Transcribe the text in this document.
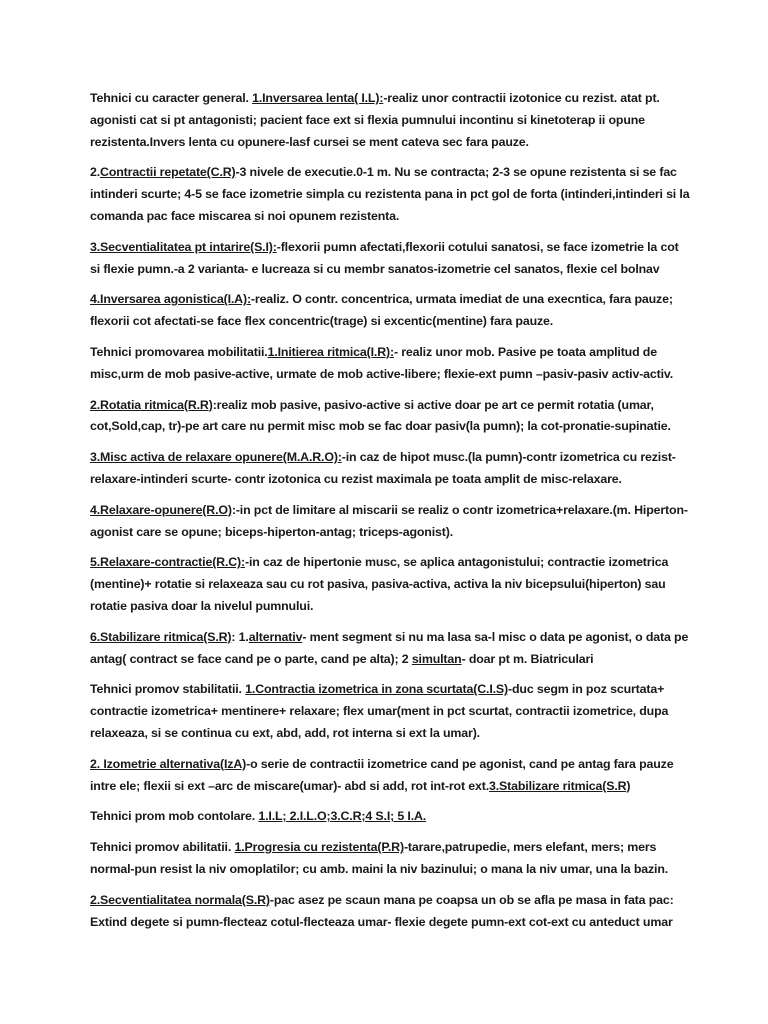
Tehnici cu caracter general. 1.Inversarea lenta( I.L):-realiz unor contractii izotonice cu rezist. atat pt. agonisti cat si pt antagonisti; pacient face ext si flexia pumnului incontinu si kinetoterap ii opune rezistenta.Invers lenta cu opunere-lasf cursei se ment cateva sec fara pauze.

2.Contractii repetate(C.R)-3 nivele de executie.0-1 m. Nu se contracta; 2-3 se opune rezistenta si se fac intinderi scurte; 4-5 se face izometrie simpla cu rezistenta pana in pct gol de forta (intinderi,intinderi si la comanda pac face miscarea si noi opunem rezistenta.

3.Secventialitatea pt intarire(S.I):-flexorii pumn afectati,flexorii cotului sanatosi, se face izometrie la cot si flexie pumn.-a 2 varianta- e lucreaza si cu membr sanatos-izometrie cel sanatos, flexie cel bolnav

4.Inversarea agonistica(I.A):-realiz. O contr. concentrica, urmata imediat de una execntica, fara pauze; flexorii cot afectati-se face flex concentric(trage) si excentic(mentine) fara pauze.

Tehnici promovarea mobilitatii.1.Initierea ritmica(I.R):- realiz unor mob. Pasive pe toata amplitud de misc,urm de mob pasive-active, urmate de mob active-libere; flexie-ext pumn –pasiv-pasiv activ-activ.

2.Rotatia ritmica(R.R):realiz mob pasive, pasivo-active si active doar pe art ce permit rotatia (umar, cot,Sold,cap, tr)-pe art care nu permit misc mob se fac doar pasiv(la pumn); la cot-pronatie-supinatie.

3.Misc activa de relaxare opunere(M.A.R.O):-in caz de hipot musc.(la pumn)-contr izometrica cu rezist-relaxare-intinderi scurte- contr izotonica cu rezist maximala pe toata amplit de misc-relaxare.

4.Relaxare-opunere(R.O):-in pct de limitare al miscarii se realiz o contr izometrica+relaxare.(m. Hiperton-agonist care se opune; biceps-hiperton-antag; triceps-agonist).

5.Relaxare-contractie(R.C):-in caz de hipertonie musc, se aplica antagonistului; contractie izometrica (mentine)+ rotatie si relaxeaza sau cu rot pasiva, pasiva-activa, activa la niv bicepsului(hiperton) sau rotatie pasiva doar la nivelul pumnului.

6.Stabilizare ritmica(S.R): 1.alternativ- ment segment si nu ma lasa sa-l misc o data pe agonist, o data pe antag( contract se face cand pe o parte, cand pe alta); 2 simultan- doar pt m. Biatriculari

Tehnici promov stabilitatii. 1.Contractia izometrica in zona scurtata(C.I.S)-duc segm in poz scurtata+ contractie izometrica+ mentinere+ relaxare; flex umar(ment in pct scurtat, contractii izometrice, dupa relaxeaza, si se continua cu ext, abd, add, rot interna si ext la umar).

2. Izometrie alternativa(IzA)-o serie de contractii izometrice cand pe agonist, cand pe antag fara pauze intre ele; flexii si ext –arc de miscare(umar)- abd si add, rot int-rot ext.3.Stabilizare ritmica(S.R)

Tehnici prom mob contolare. 1.I.L; 2.I.L.O;3.C.R;4 S.I; 5 I.A.

Tehnici promov abilitatii. 1.Progresia cu rezistenta(P.R)-tarare,patrupedie, mers elefant, mers; mers normal-pun resist la niv omoplatilor; cu amb. maini la niv bazinului; o mana la niv umar, una la bazin.

2.Secventialitatea normala(S.R)-pac asez pe scaun mana pe coapsa un ob se afla pe masa in fata pac: Extind degete si pumn-flecteaz cotul-flecteaza umar- flexie degete pumn-ext cot-ext cu anteduct umar
